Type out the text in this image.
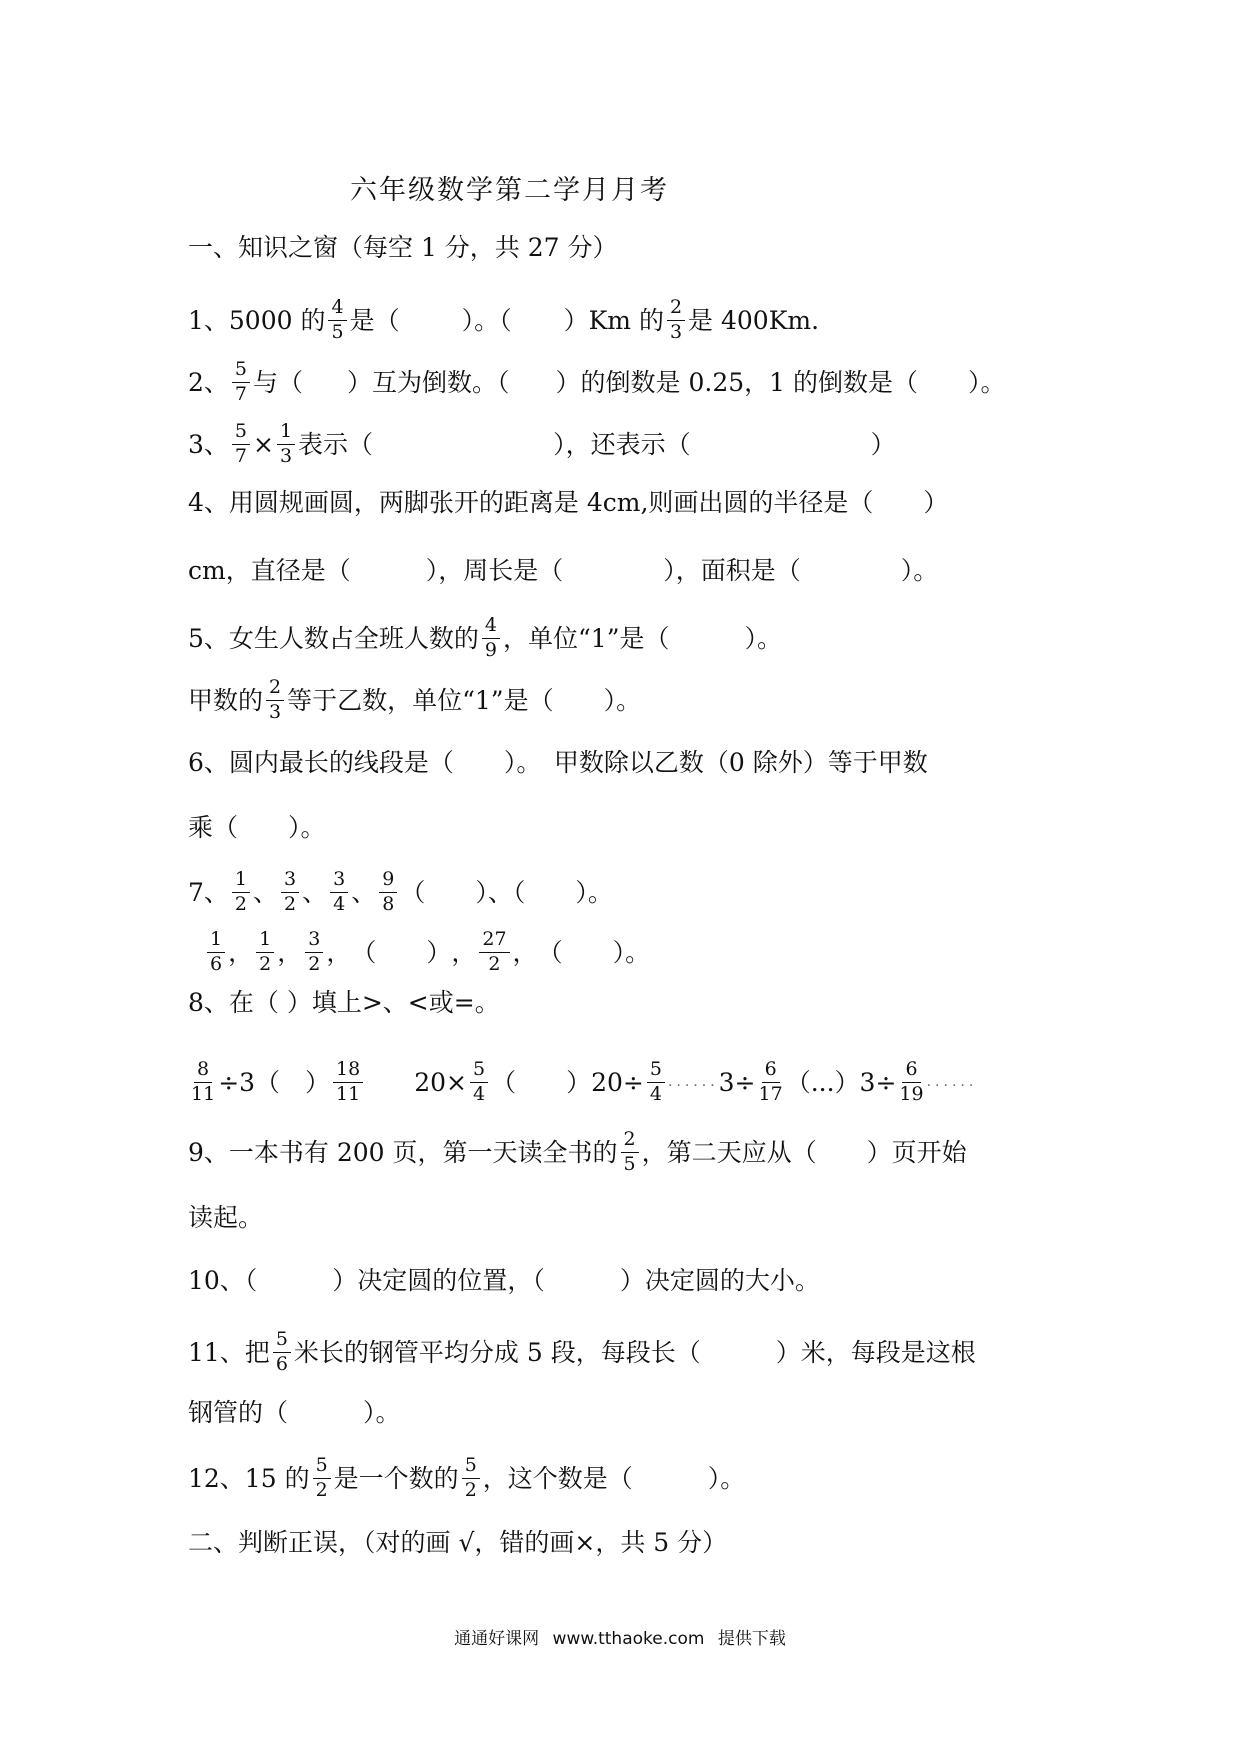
六年级数学第二学月月考
一、知识之窗（每空 1 分，共 27 分）
1、5000 的 $\frac{4}{5}$ 是（ ）。（ ）Km 的 $\frac{2}{3}$ 是 400Km.
2、 $\frac{5}{7}$ 与（ ）互为倒数。（ ）的倒数是 0.25，1 的倒数是（ ）。
3、 $\frac{5}{7} \times \frac{1}{3}$ 表示（	），还表示（	）
4、用圆规画圆，两脚张开的距离是 4cm,则画出圆的半径是（　　）
cm，直径是（　　　），周长是（　　　　），面积是（　　　　）。
5、女生人数占全班人数的 $\frac{4}{9}$ ，单位“1”是（　　　）。
甲数的 $\frac{2}{3}$ 等于乙数，单位“1”是（　　）。
6、圆内最长的线段是（　　）。　甲数除以乙数（0 除外）等于甲数
乘（　　）。
7、 $\frac{1}{2}$ 、 $\frac{3}{2}$ 、 $\frac{3}{4}$ 、 $\frac{9}{8}$ （　　）、（　　）。
$\frac{1}{6}$ ， $\frac{1}{2}$ ， $\frac{3}{2}$ ， （　　） ， $\frac{27}{2}$ ， （　　）。
8、在（ ）填上>、<或=。
$\frac{8}{11} \div 3$（　） $\frac{18}{11} 20\times \frac{5}{4}$ （　　）$20\div \frac{5}{4}$ ...... $3\div \frac{6}{17} (...)3\div \frac{6}{19}$ ......
9、一本书有 200 页，第一天读全书的 $\frac{2}{5}$ ，第二天应从（　　）页开始
读起。
10、（　　　）决定圆的位置，（　　　）决定圆的大小。
11、把 $\frac{5}{6}$ 米长的钢管平均分成 5 段，每段长（　　　）米，每段是这根
钢管的（　　　）。
12、15 的 $\frac{5}{2}$ 是一个数的 $\frac{5}{2}$ ，这个数是（　　　）。
二、判断正误，（对的画 √，错的画×，共 5 分）
通通好课网 www.tthaoke.com 提供下载
